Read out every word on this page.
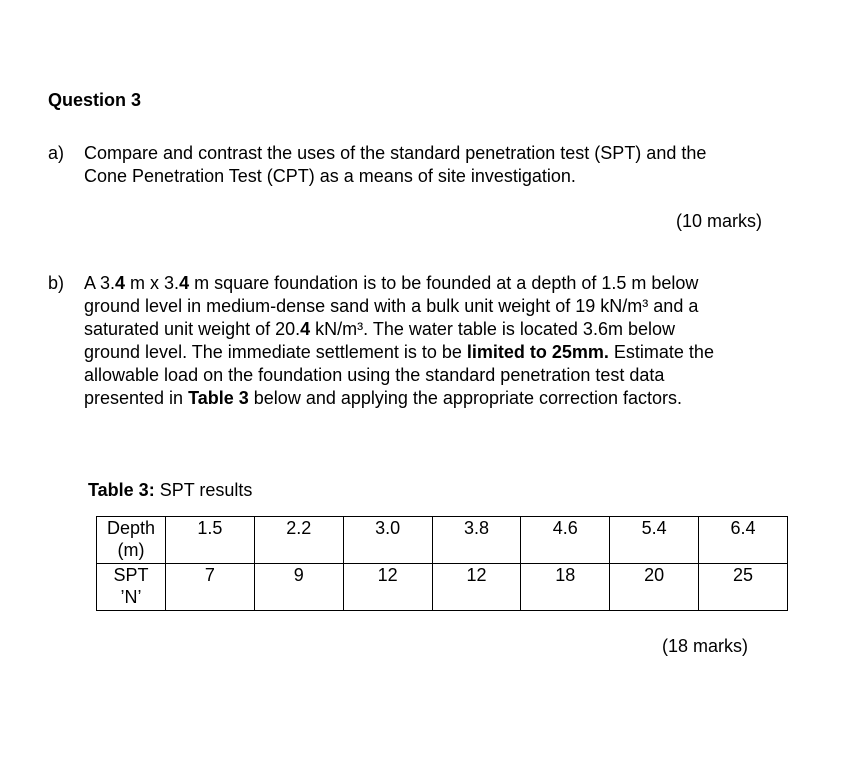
Question 3
a) Compare and contrast the uses of the standard penetration test (SPT) and the
Cone Penetration Test (CPT) as a means of site investigation.
(10 marks)
b) A 3.4 m x 3.4 m square foundation is to be founded at a depth of 1.5 m below
ground level in medium-dense sand with a bulk unit weight of 19 kN/m³ and a
saturated unit weight of 20.4 kN/m³. The water table is located 3.6m below
ground level. The immediate settlement is to be limited to 25mm. Estimate the
allowable load on the foundation using the standard penetration test data
presented in Table 3 below and applying the appropriate correction factors.
Table 3: SPT results
Depth
(m)	1.5	2.2	3.0	3.8	4.6	5.4	6.4

SPT
’N’	7	9	12	12	18	20	25
(18 marks)
